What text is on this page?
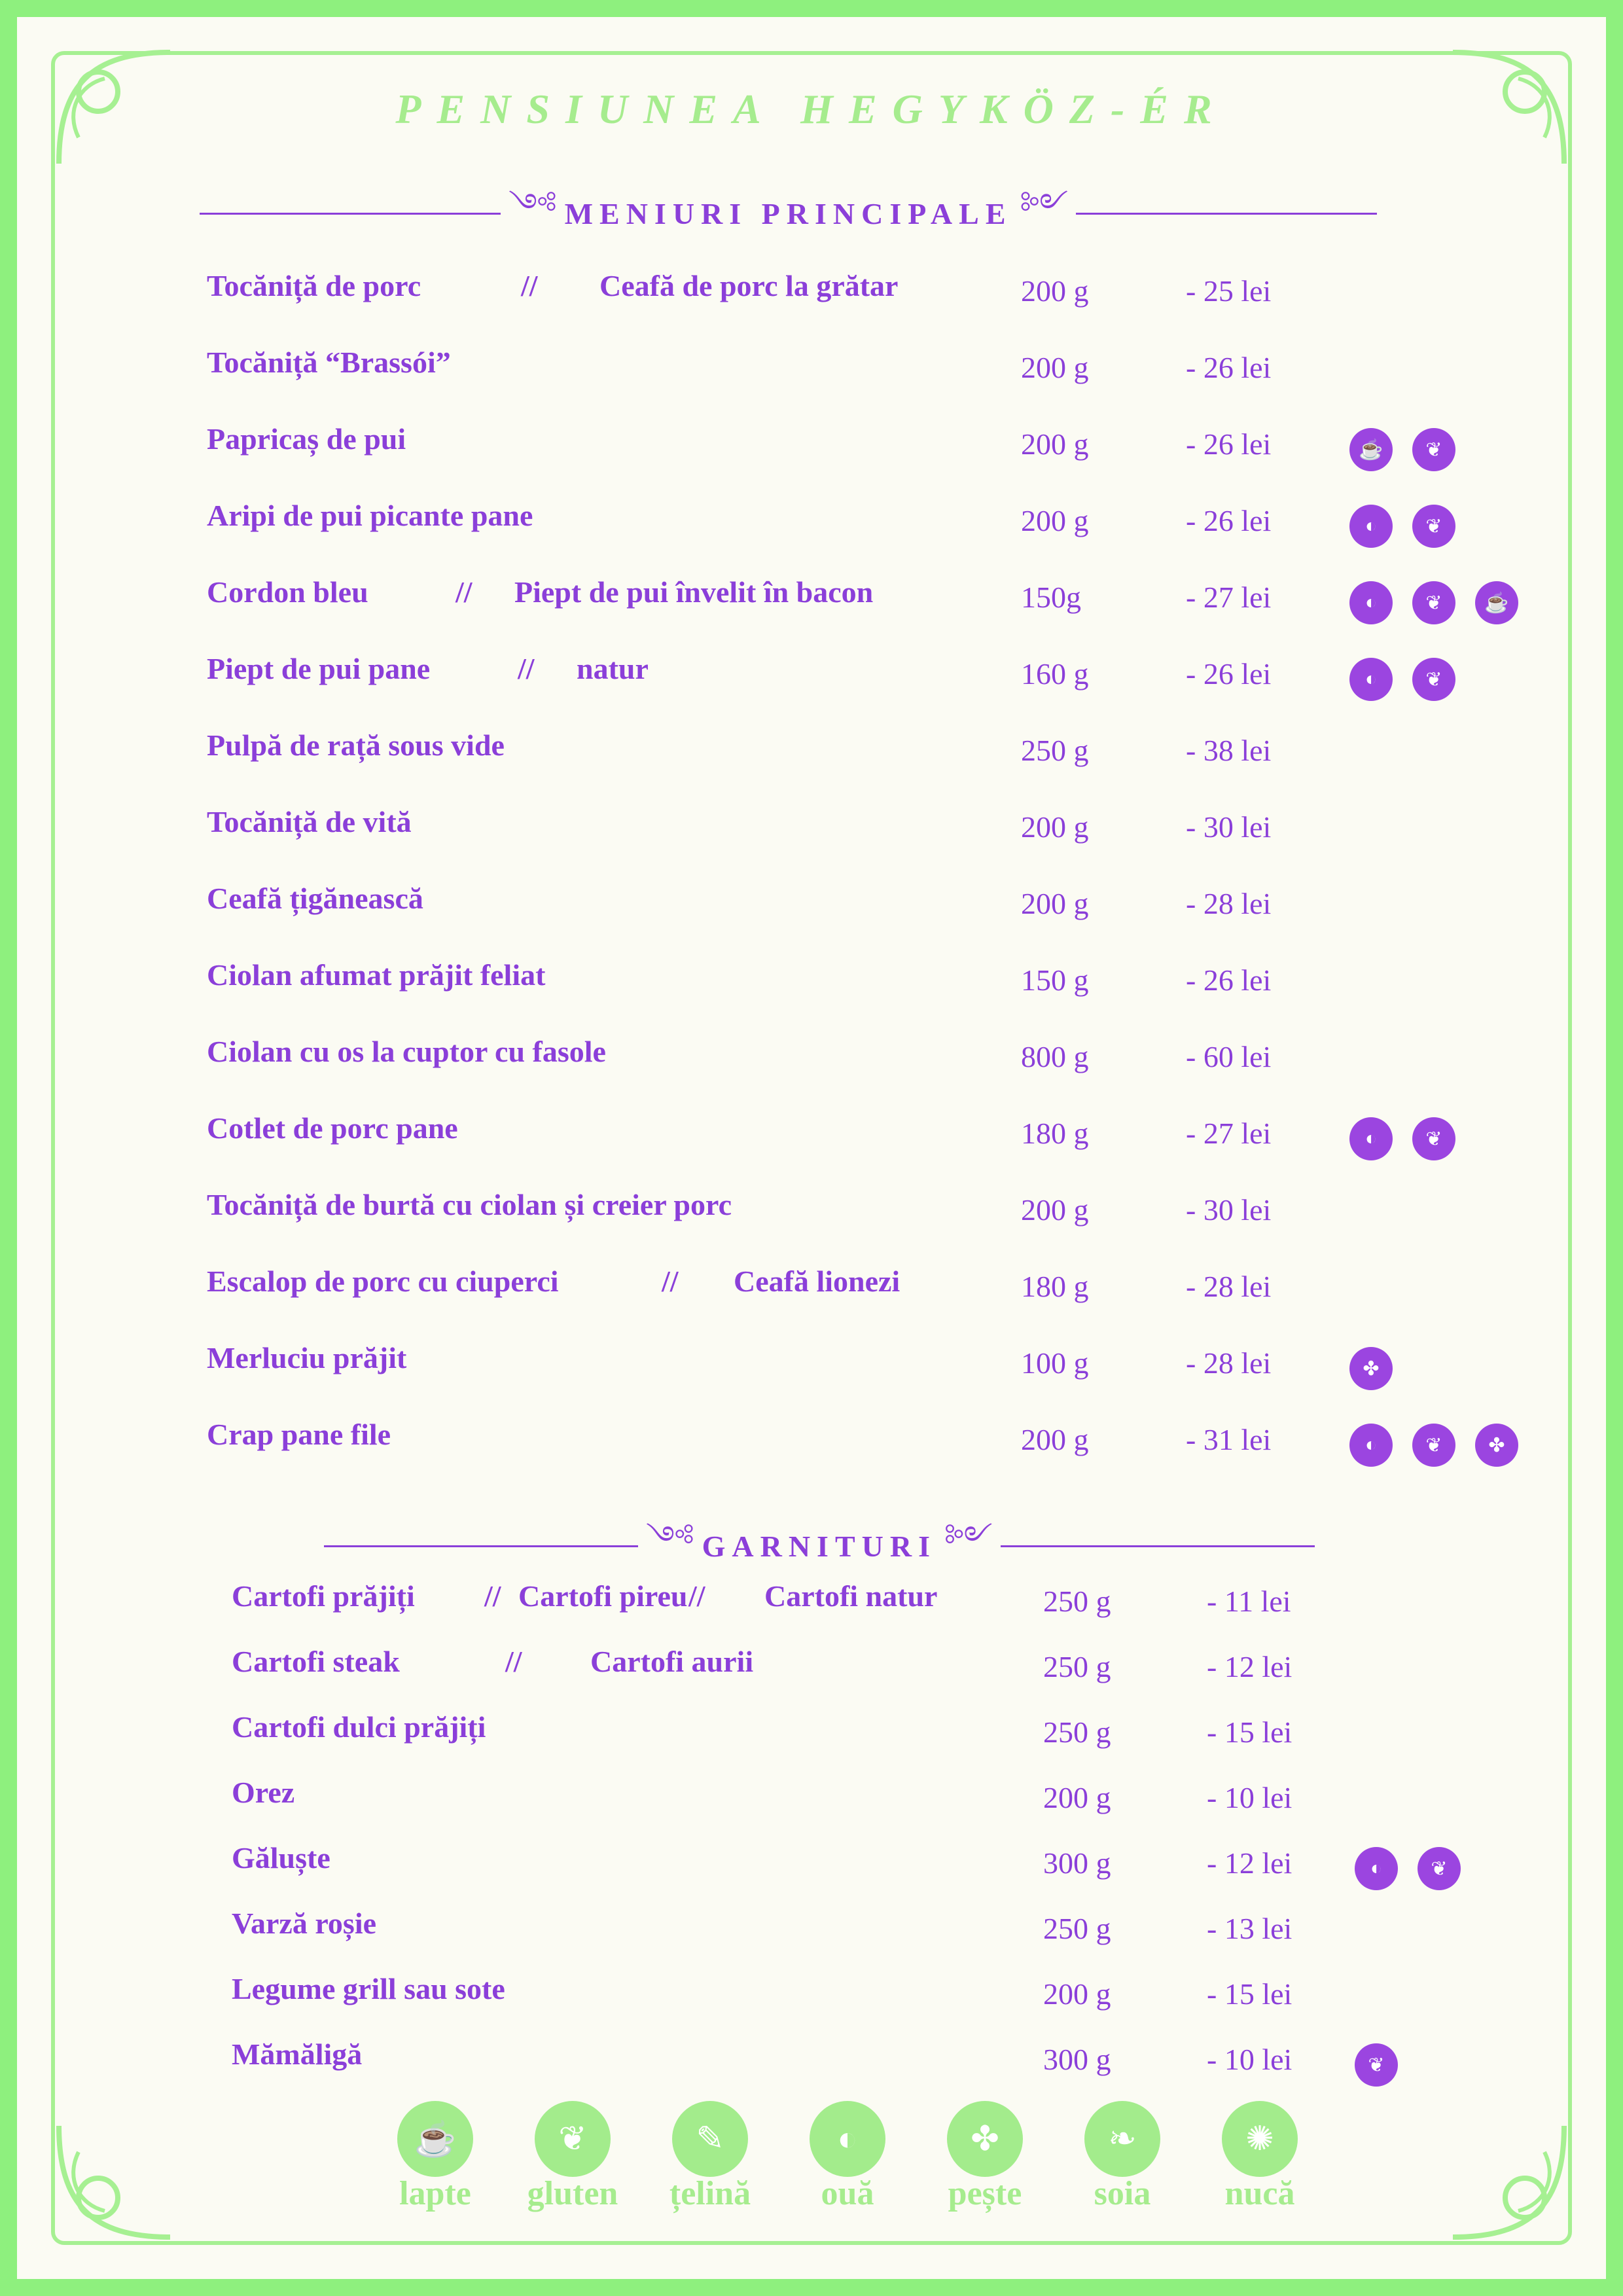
PENSIUNEA HEGYKÖZ-ÉR
༺ MENIURI PRINCIPALE ༻
Tocăniță de porc	// Ceafă de porc la grătar	200 g	- 25 lei
Tocăniță “Brassói”	200 g	- 26 lei
Papricaș de pui	200 g	- 26 lei	☕	❦
Aripi de pui picante pane	200 g	- 26 lei	◐	❦
Cordon bleu	// Piept de pui învelit în bacon	150g	- 27 lei	◐	❦	☕
Piept de pui pane	// natur	160 g	- 26 lei	◐	❦
Pulpă de rață sous vide	250 g	- 38 lei
Tocăniță de vită	200 g	- 30 lei
Ceafă țigănească	200 g	- 28 lei
Ciolan afumat prăjit feliat	150 g	- 26 lei
Ciolan cu os la cuptor cu fasole	800 g	- 60 lei
Cotlet de porc pane	180 g	- 27 lei	◐	❦
Tocăniță de burtă cu ciolan și creier porc	200 g	- 30 lei
Escalop de porc cu ciuperci	// Ceafă lionezi	180 g	- 28 lei
Merluciu prăjit	100 g	- 28 lei	✤
Crap pane file	200 g	- 31 lei	◐	❦	✤
༺ GARNITURI ༻
Cartofi prăjiți // Cartofi pireu // Cartofi natur	250 g	- 11 lei
Cartofi steak	// Cartofi aurii	250 g	- 12 lei
Cartofi dulci prăjiți	250 g	- 15 lei
Orez	200 g	- 10 lei
Găluște	300 g	- 12 lei	◐	❦
Varză roșie	250 g	- 13 lei
Legume grill sau sote	200 g	- 15 lei
Mămăligă	300 g	- 10 lei	❦
☕
lapte
❦
gluten
✎
țelină
◐
ouă
✤
pește
❧
soia
✺
nucă
